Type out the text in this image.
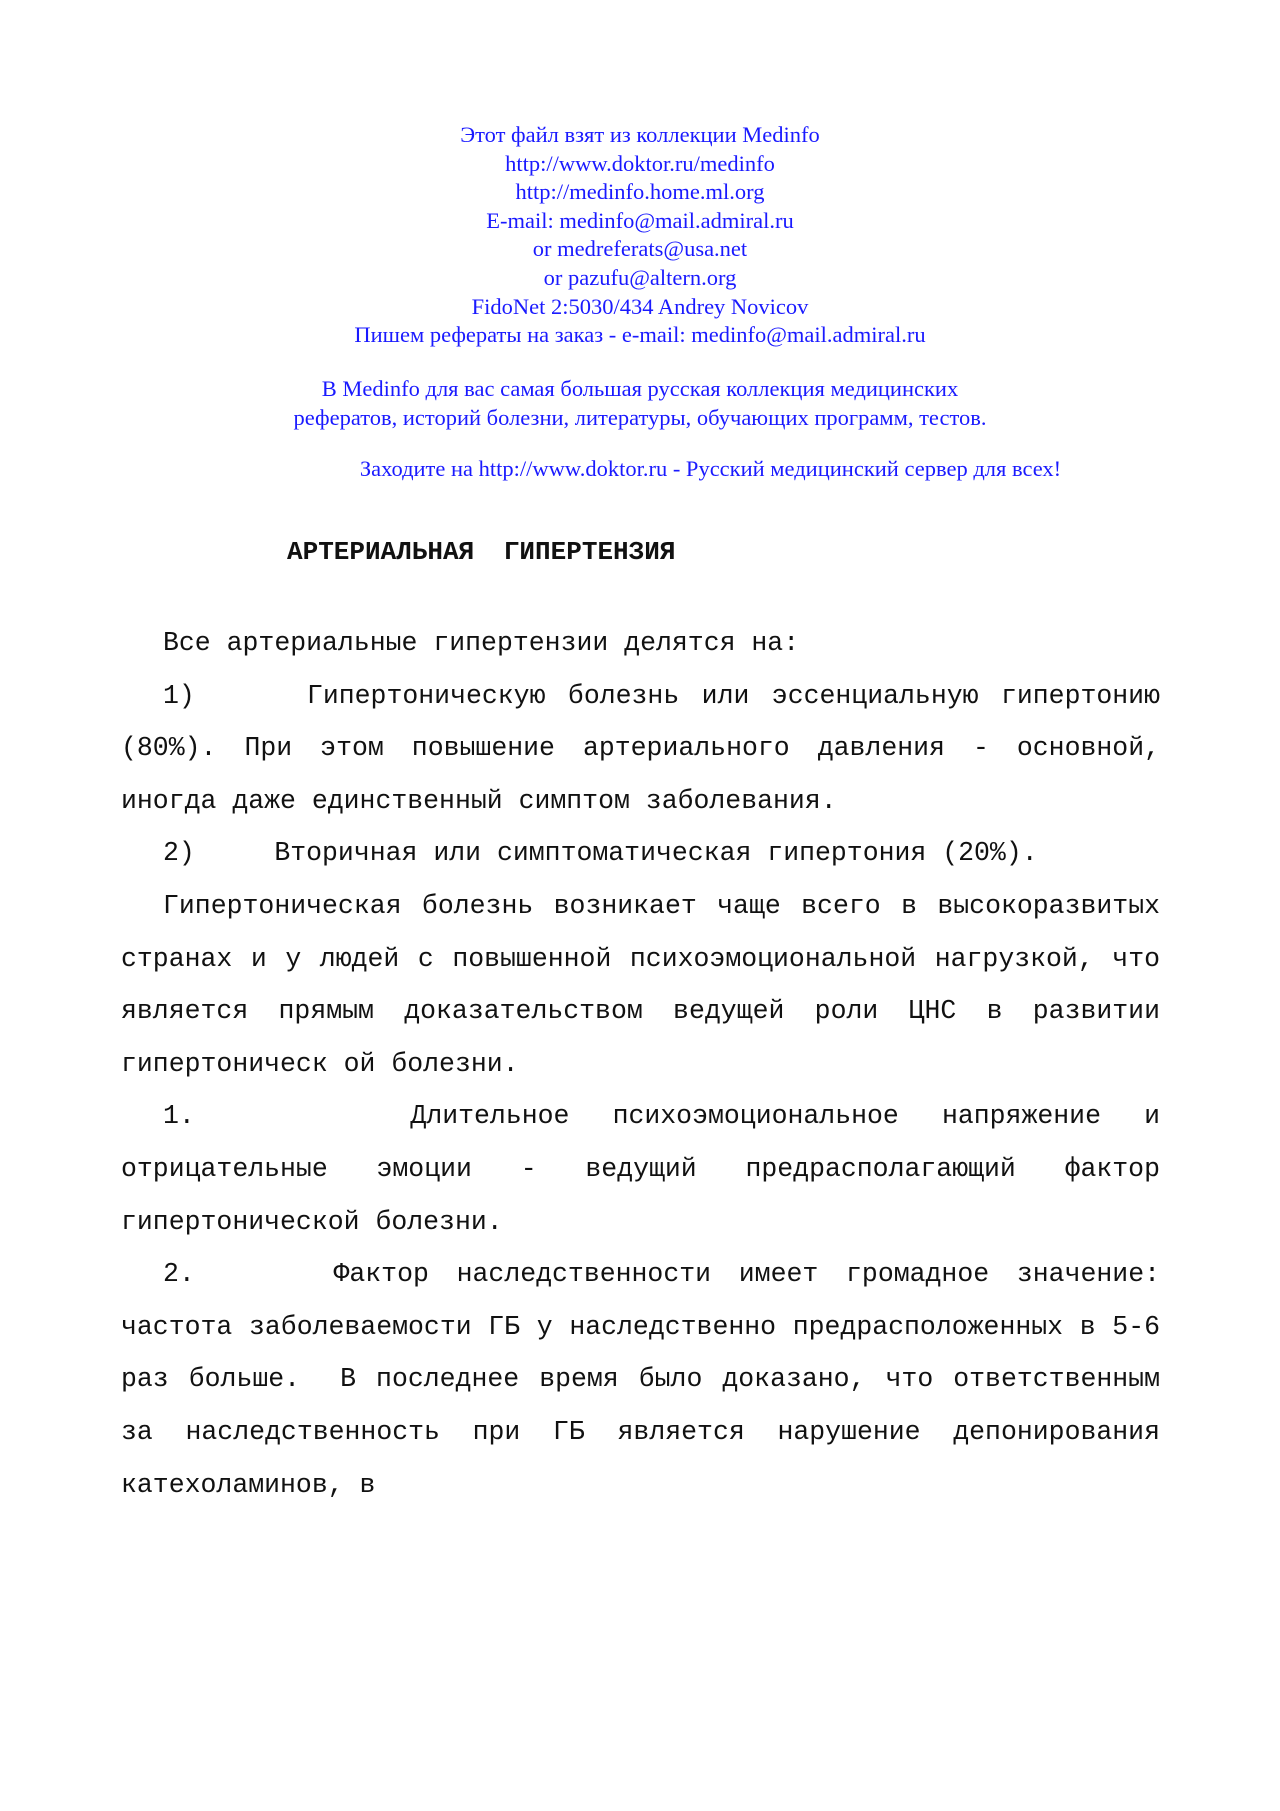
Этот файл взят из коллекции Medinfo
http://www.doktor.ru/medinfo
http://medinfo.home.ml.org
E-mail: medinfo@mail.admiral.ru
or medreferats@usa.net
or pazufu@altern.org
FidoNet 2:5030/434 Andrey Novicov
Пишем рефераты на заказ - e-mail: medinfo@mail.admiral.ru
В Medinfo для вас самая большая русская коллекция медицинских
рефератов, историй болезни, литературы, обучающих программ, тестов.
Заходите на http://www.doktor.ru - Русский медицинский сервер для всех!
АРТЕРИАЛЬНАЯ ГИПЕРТЕНЗИЯ

Все артериальные гипертензии делятся на:

1)     Гипертоническую болезнь или эссенциальную гипертонию (80%). При этом повышение артериального давления - основной, иногда даже единственный симптом заболевания.

2)     Вторичная или симптоматическая гипертония (20%).

Гипертоническая болезнь возникает чаще всего в высокоразвитых странах и у людей с повышенной психоэмоциональной нагрузкой, что является прямым доказательством ведущей роли ЦНС в развитии гипертоническ ой болезни.

1.     Длительное психоэмоциональное напряжение и отрицательные эмоции - ведущий предрасполагающий фактор гипертонической болезни.

2.     Фактор наследственности имеет громадное значение: частота заболеваемости ГБ у наследственно предрасположенных в 5-6 раз больше.  В последнее время было доказано, что ответственным за наследственность при ГБ является нарушение депонирования катехоламинов, в
